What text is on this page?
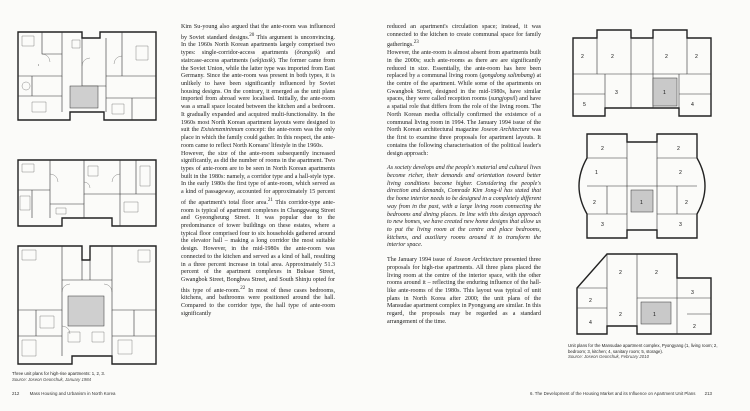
•
Three unit plans for high-rise apartments: 1, 2, 3.
Source: Joseon Geonchuk, January 1984

Kim Su-young also argued that the ante-room was influenced by Soviet standard designs.$^{20}$ This argument is unconvincing. In the 1960s North Korean apartments largely comprised two types: single-corridor-access apartments (ŏrangsik) and staircase-access apartments (sekjiasik). The former came from the Soviet Union, while the latter type was imported from East Germany. Since the ante-room was present in both types, it is unlikely to have been significantly influenced by Soviet housing designs. On the contrary, it emerged as the unit plans imported from abroad were localised. Initially, the ante-room was a small space located between the kitchen and a bedroom. It gradually expanded and acquired multi-functionality. In the 1960s most North Korean apartment layouts were designed to suit the Existenzminimum concept: the ante-room was the only place in which the family could gather. In this respect, the ante-room came to reflect North Koreans' lifestyle in the 1960s.

However, the size of the ante-room subsequently increased significantly, as did the number of rooms in the apartment. Two types of ante-room are to be seen in North Korean apartments built in the 1980s: namely, a corridor type and a hall-style type. In the early 1980s the first type of ante-room, which served as a kind of passageway, accounted for approximately 15 percent of the apartment's total floor area.$^{21}$ This corridor-type ante-room is typical of apartment complexes in Changgwang Street and Gyeongheung Street. It was popular due to the predominance of tower buildings on these estates, where a typical floor comprised four to six households gathered around the elevator hall – making a long corridor the most suitable design. However, in the mid-1980s the ante-room was connected to the kitchen and served as a kind of hall, resulting in a three percent increase in total area. Approximately 51.3 percent of the apartment complexes in Buksae Street, Gwangbok Street, Bonghwa Street, and South Shinju opted for this type of ante-room.$^{22}$ In most of these cases bedrooms, kitchens, and bathrooms were positioned around the hall. Compared to the corridor type, the hall type of ante-room significantly

212 Mass Housing and Urbanism in North Korea

reduced an apartment's circulation space; instead, it was connected to the kitchen to create communal space for family gatherings.$^{23}$
However, the ante-room is almost absent from apartments built in the 2000s; such ante-rooms as there are are significantly reduced in size. Essentially, the ante-room has here been replaced by a communal living room (gongdong salimbang) at the centre of the apartment. While some of the apartments on Gwangbok Street, designed in the mid-1980s, have similar spaces, they were called reception rooms (sungjopsil) and have a spatial role that differs from the role of the living room. The North Korean media officially confirmed the existence of a communal living room in 1994. The January 1994 issue of the North Korean architectural magazine Joseon Architecture was the first to examine three proposals for apartment layouts. It contains the following characterisation of the political leader's design approach:

As society develops and the people's material and cultural lives become richer, their demands and orientation toward better living conditions become higher. Considering the people's direction and demands, Comrade Kim Jong-il has stated that the home interior needs to be designed in a completely different way from in the past, with a large living room connecting the bedrooms and dining places. In line with this design approach to new homes, we have created new home designs that allow us to put the living room at the centre and place bedrooms, kitchens, and auxiliary rooms around it to transform the interior space.

The January 1994 issue of Joseon Architecture presented three proposals for high-rise apartments. All three plans placed the living room at the centre of the interior space, with the other rooms around it – reflecting the enduring influence of the hall-like ante-rooms of the 1980s. This layout was typical of unit plans in North Korea after 2000; the unit plans of the Mansudae apartment complex in Pyongyang are similar. In this regard, the proposals may be regarded as a standard arrangement of the time.

2	2	2	2
1
3
5	4
2	2
1	2
2	2
1
3	3
2	2
3
1
2
2
2
4
Unit plans for the Mansudae apartment complex, Pyongyang (1, living room; 2, bedroom; 3, kitchen; 4, sanitary room; 5, storage).
Source: Joseon Geonchuk, February 2010
6. The Development of the Housing Market and its Influence on Apartment Unit Plans 213
